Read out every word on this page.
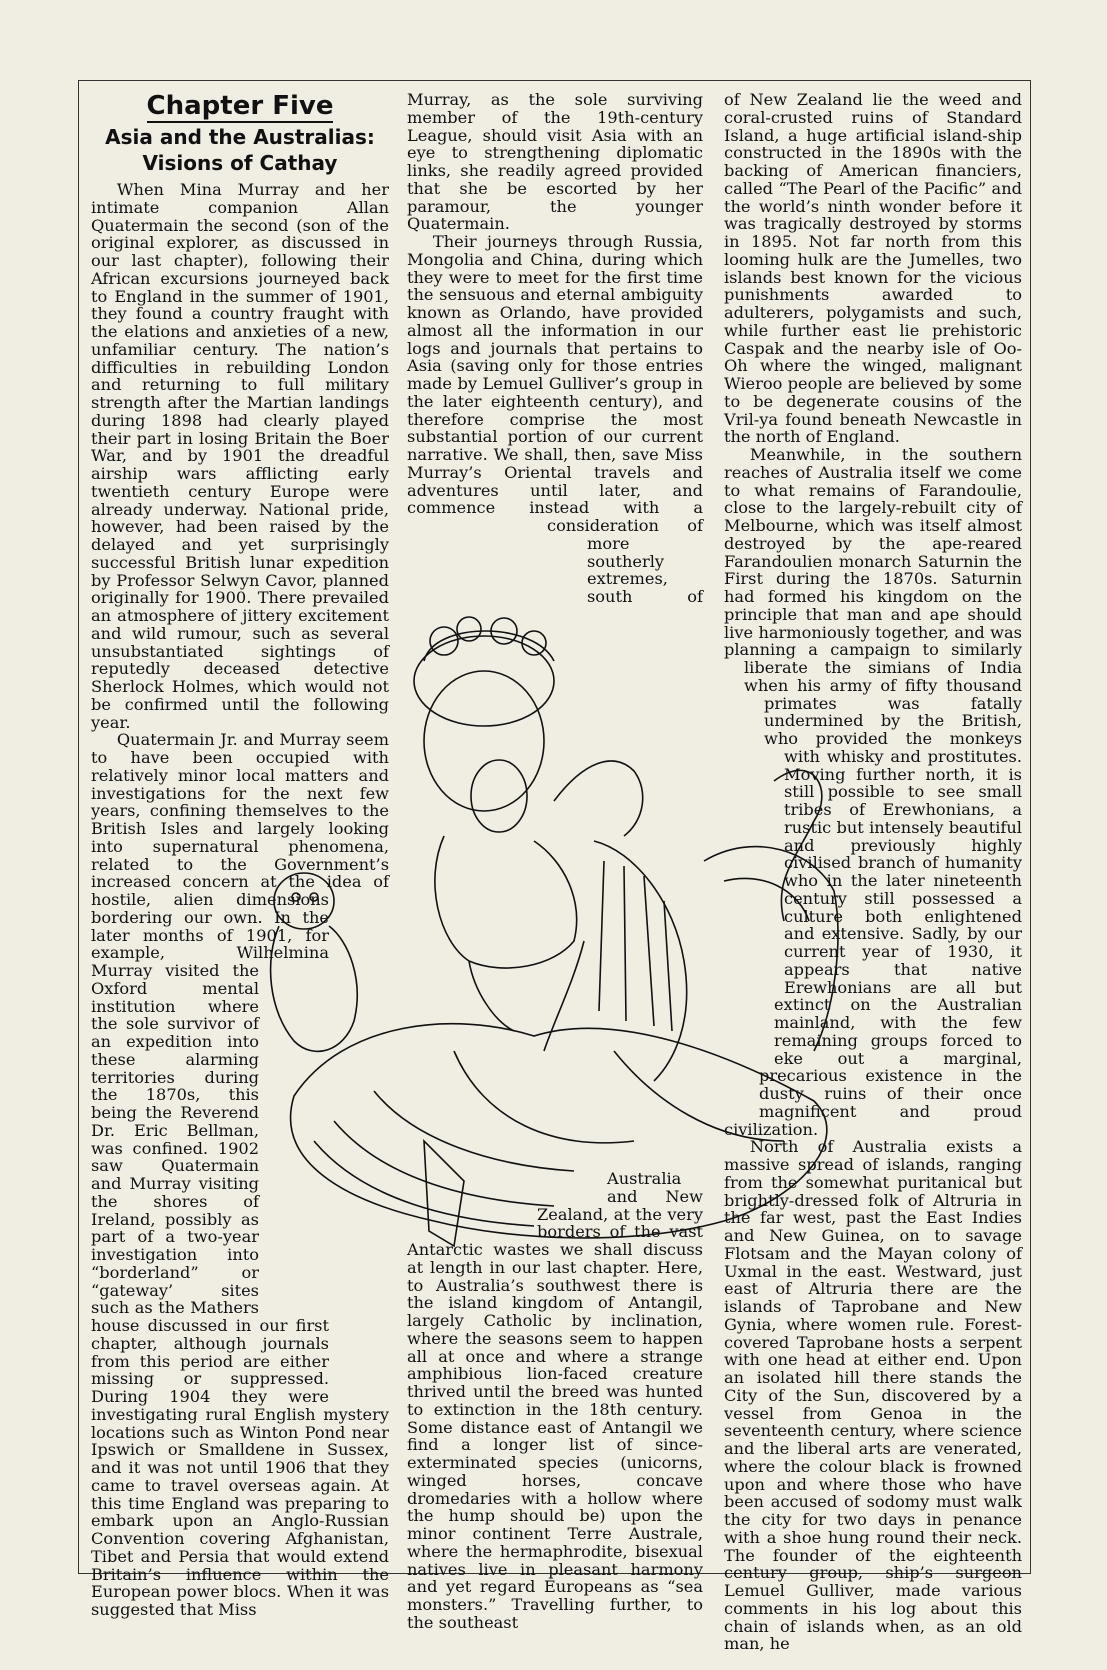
Chapter Five
Asia and the Australias:
Visions of Cathay

When Mina Murray and her intimate companion Allan Quatermain the second (son of the original explorer, as discussed in our last chapter), following their African excursions journeyed back to England in the summer of 1901, they found a country fraught with the elations and anxieties of a new, unfamiliar century. The nation’s difficulties in rebuilding London and returning to full military strength after the Martian landings during 1898 had clearly played their part in losing Britain the Boer War, and by 1901 the dreadful airship wars afflicting early twentieth century Europe were already underway. National pride, however, had been raised by the delayed and yet surprisingly successful British lunar expedition by Professor Selwyn Cavor, planned originally for 1900. There prevailed an atmosphere of jittery excitement and wild rumour, such as several unsubstantiated sightings of reputedly deceased detective Sherlock Holmes, which would not be confirmed until the following year.

Quatermain Jr. and Murray seem to have been occupied with relatively minor local matters and investigations for the next few years, confining themselves to the British Isles and largely looking into supernatural phenomena, related to the Government’s increased concern at the idea of hostile, alien dimensions bordering our own. In the later months of 1901, for example, Wilhelmina Murray visited the Oxford mental institution where the sole survivor of an expedition into these alarming territories during the 1870s, this being the Reverend Dr. Eric Bellman, was confined. 1902 saw Quatermain and Murray visiting the shores of Ireland, possibly as part of a two-year investigation into “borderland” or “gateway’ sites such as the Mathers house discussed in our first chapter, although journals from this period are either missing or suppressed. During 1904 they were investigating rural English mystery locations such as Winton Pond near Ipswich or Smalldene in Sussex, and it was not until 1906 that they came to travel overseas again. At this time England was preparing to embark upon an Anglo-Russian Convention covering Afghanistan, Tibet and Persia that would extend Britain’s influence within the European power blocs. When it was suggested that Miss

Murray, as the sole surviving member of the 19th-century League, should visit Asia with an eye to strengthening diplomatic links, she readily agreed provided that she be escorted by her paramour, the younger Quatermain.

Their journeys through Russia, Mongolia and China, during which they were to meet for the first time the sensuous and eternal ambiguity known as Orlando, have provided almost all the information in our logs and journals that pertains to Asia (saving only for those entries made by Lemuel Gulliver’s group in the later eighteenth century), and therefore comprise the most substantial portion of our current narrative. We shall, then, save Miss Murray’s Oriental travels and adventures until later, and commence instead with a consideration of more southerly extremes, south of Australia and New Zealand, at the very borders of the vast Antarctic wastes we shall discuss at length in our last chapter. Here, to Australia’s southwest there is the island kingdom of Antangil, largely Catholic by inclination, where the seasons seem to happen all at once and where a strange amphibious lion-faced creature thrived until the breed was hunted to extinction in the 18th century. Some distance east of Antangil we find a longer list of since-exterminated species (unicorns, winged horses, concave dromedaries with a hollow where the hump should be) upon the minor continent Terre Australe, where the hermaphrodite, bisexual natives live in pleasant harmony and yet regard Europeans as “sea monsters.” Travelling further, to the southeast

of New Zealand lie the weed and coral-crusted ruins of Standard Island, a huge artificial island-ship constructed in the 1890s with the backing of American financiers, called “The Pearl of the Pacific” and the world’s ninth wonder before it was tragically destroyed by storms in 1895. Not far north from this looming hulk are the Jumelles, two islands best known for the vicious punishments awarded to adulterers, polygamists and such, while further east lie prehistoric Caspak and the nearby isle of Oo-Oh where the winged, malignant Wieroo people are believed by some to be degenerate cousins of the Vril-ya found beneath Newcastle in the north of England.

Meanwhile, in the southern reaches of Australia itself we come to what remains of Farandoulie, close to the largely-rebuilt city of Melbourne, which was itself almost destroyed by the ape-reared Farandoulien monarch Saturnin the First during the 1870s. Saturnin had formed his kingdom on the principle that man and ape should live harmoniously together, and was planning a campaign to similarly liberate the simians of India when his army of fifty thousand primates was fatally undermined by the British, who provided the monkeys with whisky and prostitutes. Moving further north, it is still possible to see small tribes of Erewhonians, a rustic but intensely beautiful and previously highly civilised branch of humanity who in the later nineteenth century still possessed a culture both enlightened and extensive. Sadly, by our current year of 1930, it appears that native Erewhonians are all but extinct on the Australian mainland, with the few remaining groups forced to eke out a marginal, precarious existence in the dusty ruins of their once magnificent and proud civilization.

North of Australia exists a massive spread of islands, ranging from the somewhat puritanical but brightly-dressed folk of Altruria in the far west, past the East Indies and New Guinea, on to savage Flotsam and the Mayan colony of Uxmal in the east. Westward, just east of Altruria there are the islands of Taprobane and New Gynia, where women rule. Forest-covered Taprobane hosts a serpent with one head at either end. Upon an isolated hill there stands the City of the Sun, discovered by a vessel from Genoa in the seventeenth century, where science and the liberal arts are venerated, where the colour black is frowned upon and where those who have been accused of sodomy must walk the city for two days in penance with a shoe hung round their neck. The founder of the eighteenth century group, ship’s surgeon Lemuel Gulliver, made various comments in his log about this chain of islands when, as an old man, he
